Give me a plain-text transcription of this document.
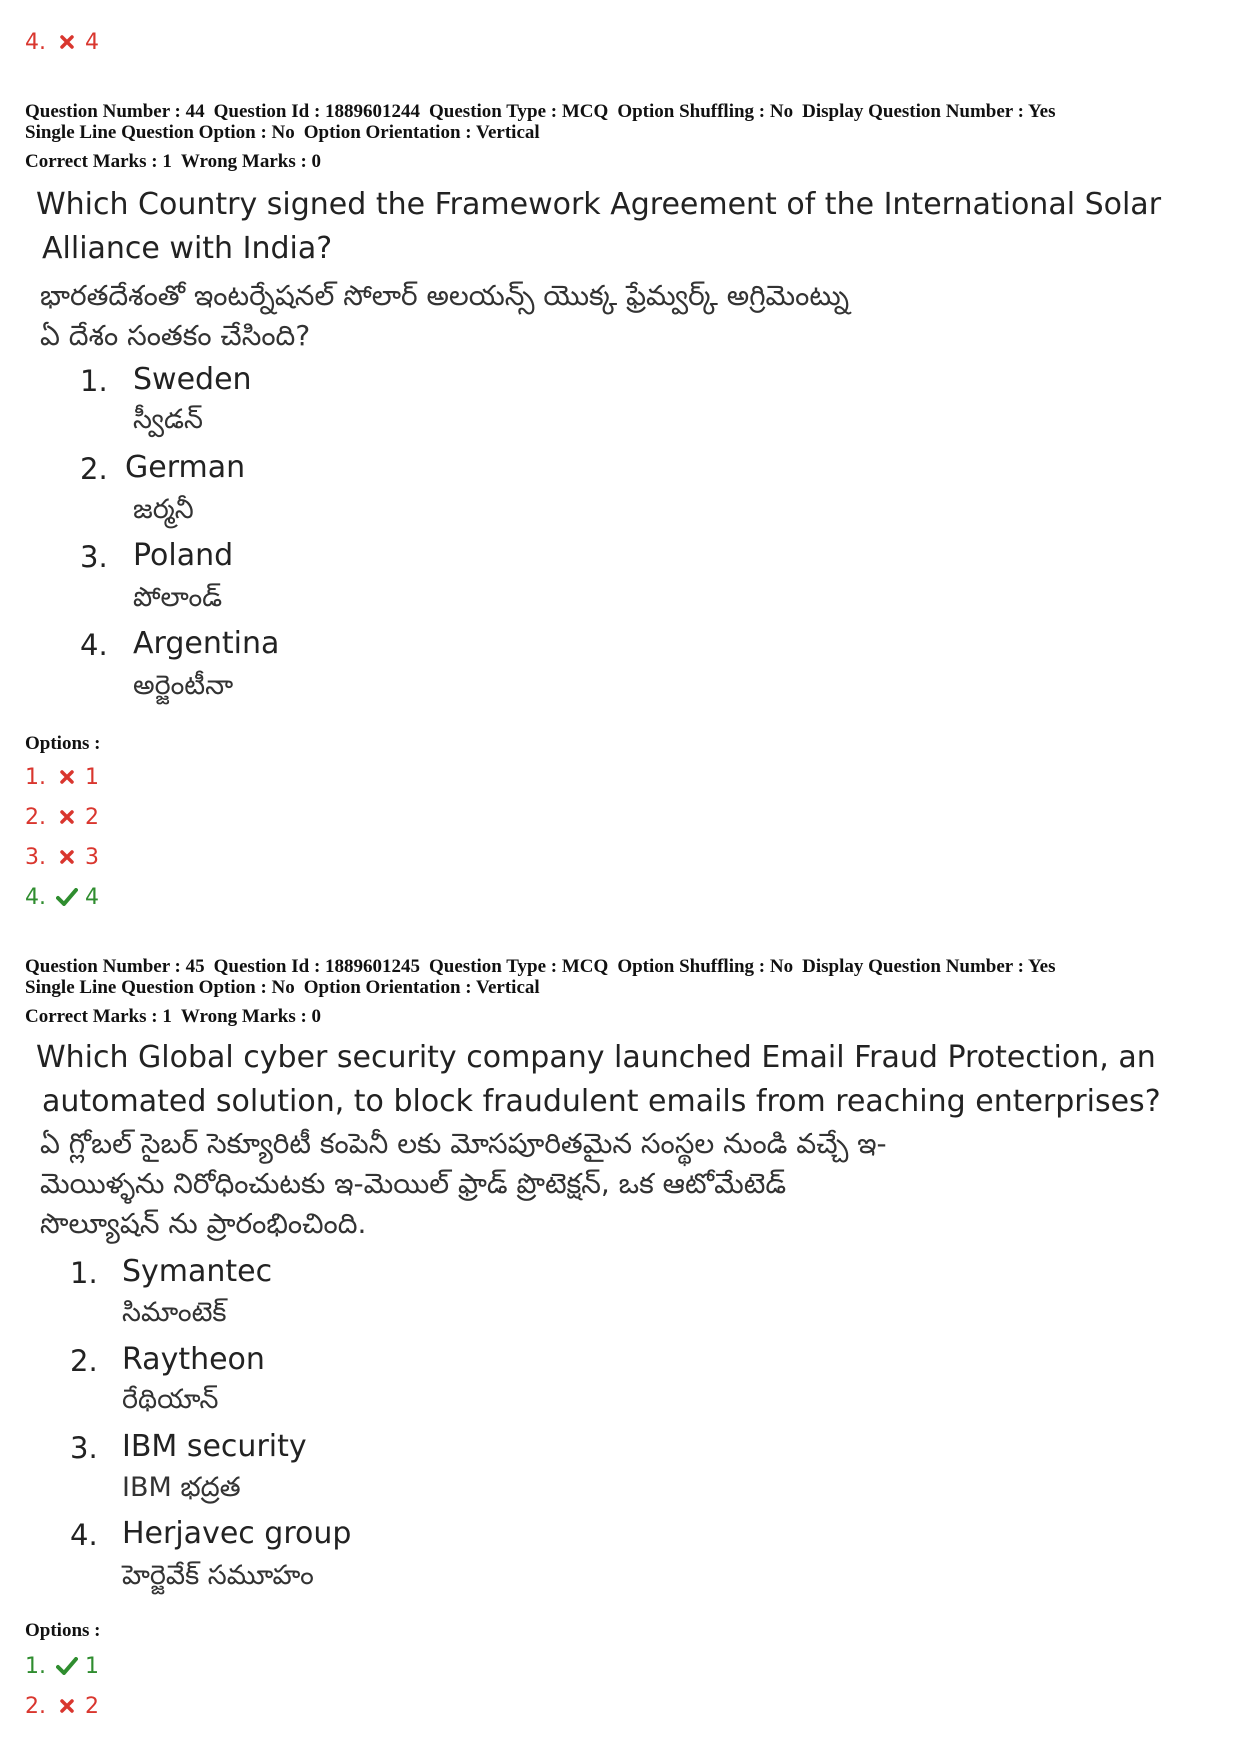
4. 4
Question Number : 44 Question Id : 1889601244 Question Type : MCQ Option Shuffling : No Display Question Number : Yes
Single Line Question Option : No Option Orientation : Vertical
Correct Marks : 1 Wrong Marks : 0
Which Country signed the Framework Agreement of the International Solar
Alliance with India?
భారతదేశంతో ఇంటర్నేషనల్ సోలార్ అలయన్స్ యొక్క ఫ్రేమ్వర్క్ అగ్రిమెంట్ను
ఏ దేశం సంతకం చేసింది?
1. Sweden
స్వీడన్
2. German
జర్మనీ
3. Poland
పోలాండ్
4. Argentina
అర్జెంటీనా
Options :
1. 1
2. 2
3. 3
4. 4
Question Number : 45 Question Id : 1889601245 Question Type : MCQ Option Shuffling : No Display Question Number : Yes
Single Line Question Option : No Option Orientation : Vertical
Correct Marks : 1 Wrong Marks : 0
Which Global cyber security company launched Email Fraud Protection, an
automated solution, to block fraudulent emails from reaching enterprises?
ఏ గ్లోబల్ సైబర్ సెక్యూరిటీ కంపెనీ లకు మోసపూరితమైన సంస్థల నుండి వచ్చే ఇ-
మెయిళ్ళను నిరోధించుటకు ఇ-మెయిల్ ఫ్రాడ్ ప్రొటెక్షన్, ఒక ఆటోమేటెడ్
సొల్యూషన్ ను ప్రారంభించింది.
1. Symantec
సిమాంటెక్
2. Raytheon
రేథియాన్
3. IBM security
IBM భద్రత
4. Herjavec group
హెర్జెవేక్ సమూహం
Options :
1. 1
2. 2
